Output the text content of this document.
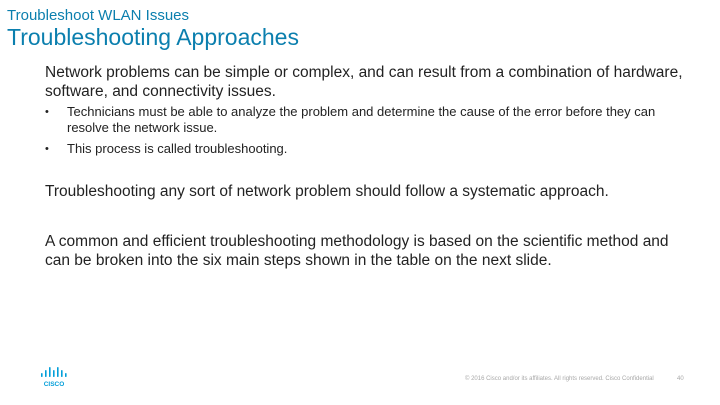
Troubleshoot WLAN Issues
Troubleshooting Approaches
Network problems can be simple or complex, and can result from a combination of hardware, software, and connectivity issues.
• Technicians must be able to analyze the problem and determine the cause of the error before they can resolve the network issue.
• This process is called troubleshooting.
Troubleshooting any sort of network problem should follow a systematic approach.
A common and efficient troubleshooting methodology is based on the scientific method and can be broken into the six main steps shown in the table on the next slide.
CISCO
© 2016 Cisco and/or its affiliates. All rights reserved. Cisco Confidential	40
